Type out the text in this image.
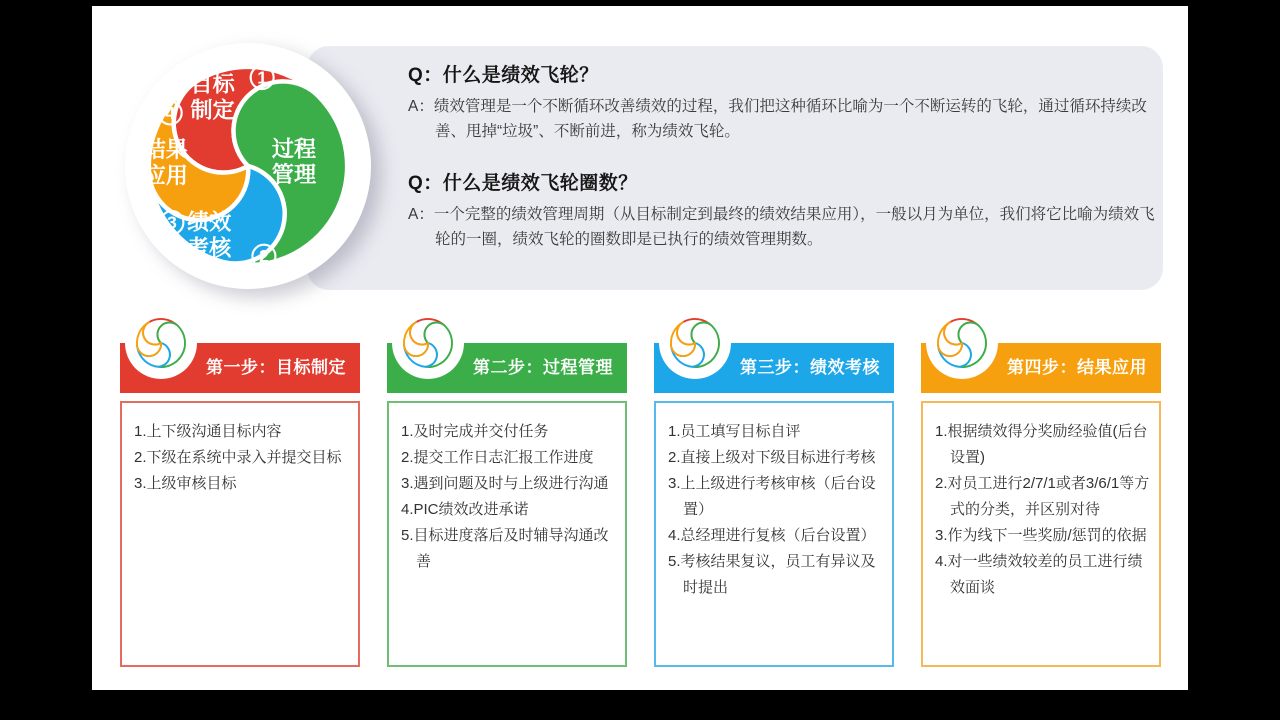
目标
制定
1
过程
管理
2
绩效
考核
3
结果
应用
4

Q：什么是绩效飞轮？

A：绩效管理是一个不断循环改善绩效的过程，我们把这种循环比喻为一个不断运转的飞轮，通过循环持续改善、甩掉“垃圾”、不断前进，称为绩效飞轮。

Q：什么是绩效飞轮圈数？

A：一个完整的绩效管理周期（从目标制定到最终的绩效结果应用），一般以月为单位，我们将它比喻为绩效飞轮的一圈，绩效飞轮的圈数即是已执行的绩效管理期数。

第一步：目标制定
1.上下级沟通目标内容
2.下级在系统中录入并提交目标
3.上级审核目标
第二步：过程管理
1.及时完成并交付任务
2.提交工作日志汇报工作进度
3.遇到问题及时与上级进行沟通
4.PIC绩效改进承诺
5.目标进度落后及时辅导沟通改善
第三步：绩效考核
1.员工填写目标自评
2.直接上级对下级目标进行考核
3.上上级进行考核审核（后台设置）
4.总经理进行复核（后台设置）
5.考核结果复议，员工有异议及时提出
第四步：结果应用
1.根据绩效得分奖励经验值(后台设置)
2.对员工进行2/7/1或者3/6/1等方式的分类，并区别对待
3.作为线下一些奖励/惩罚的依据
4.对一些绩效较差的员工进行绩效面谈
